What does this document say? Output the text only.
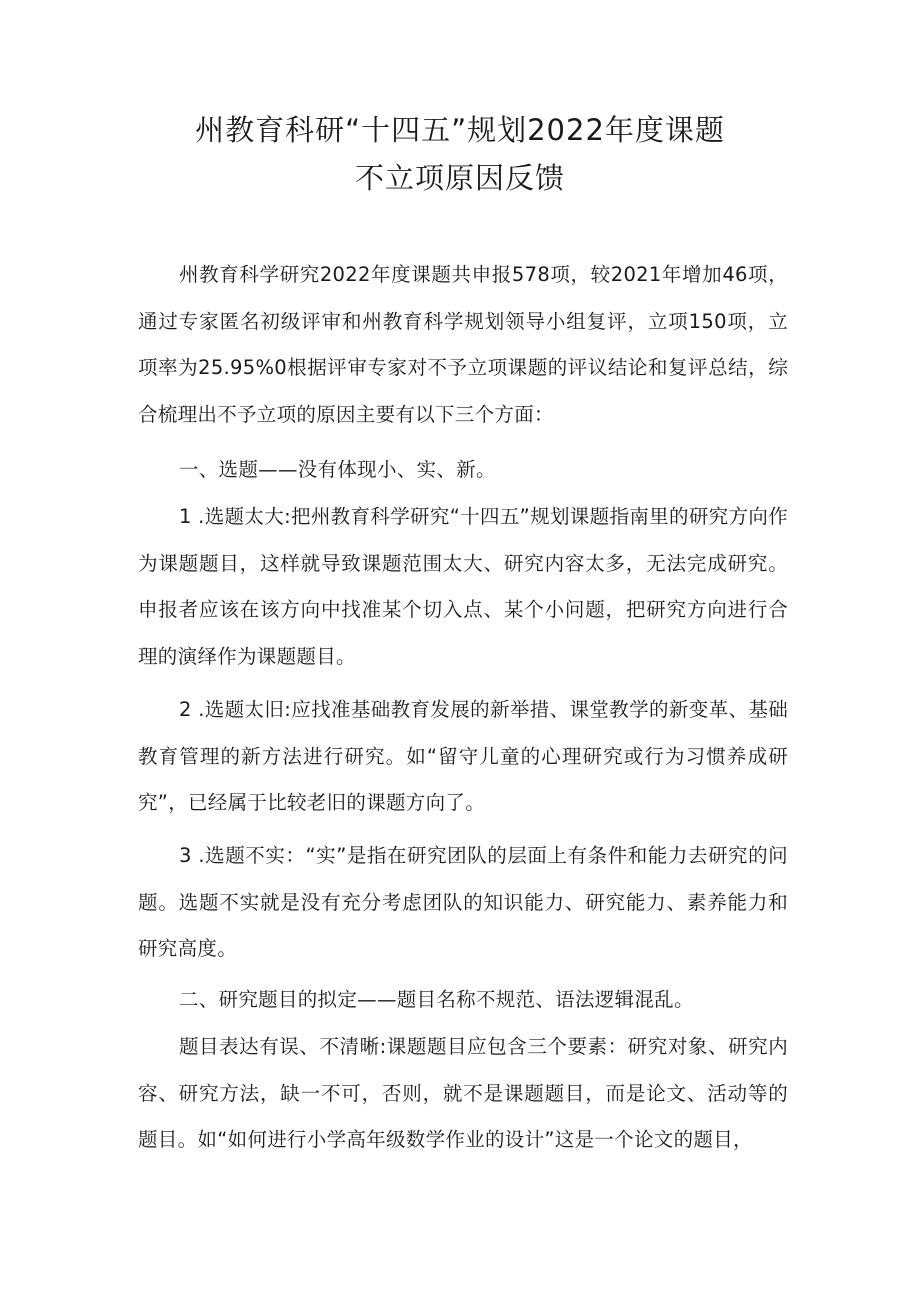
州教育科研“十四五”规划2022年度课题
不立项原因反馈

州教育科学研究2022年度课题共申报578项，较2021年增加46项，通过专家匿名初级评审和州教育科学规划领导小组复评，立项150项，立项率为25.95%0根据评审专家对不予立项课题的评议结论和复评总结，综合梳理出不予立项的原因主要有以下三个方面：

一、选题——没有体现小、实、新。

1 .选题太大:把州教育科学研究“十四五”规划课题指南里的研究方向作为课题题目，这样就导致课题范围太大、研究内容太多，无法完成研究。申报者应该在该方向中找准某个切入点、某个小问题，把研究方向进行合理的演绎作为课题题目。

2 .选题太旧:应找准基础教育发展的新举措、课堂教学的新变革、基础教育管理的新方法进行研究。如“留守儿童的心理研究或行为习惯养成研究”，已经属于比较老旧的课题方向了。

3 .选题不实：“实”是指在研究团队的层面上有条件和能力去研究的问题。选题不实就是没有充分考虑团队的知识能力、研究能力、素养能力和研究高度。

二、研究题目的拟定——题目名称不规范、语法逻辑混乱。

题目表达有误、不清晰:课题题目应包含三个要素：研究对象、研究内容、研究方法，缺一不可，否则，就不是课题题目，而是论文、活动等的题目。如“如何进行小学高年级数学作业的设计”这是一个论文的题目，
